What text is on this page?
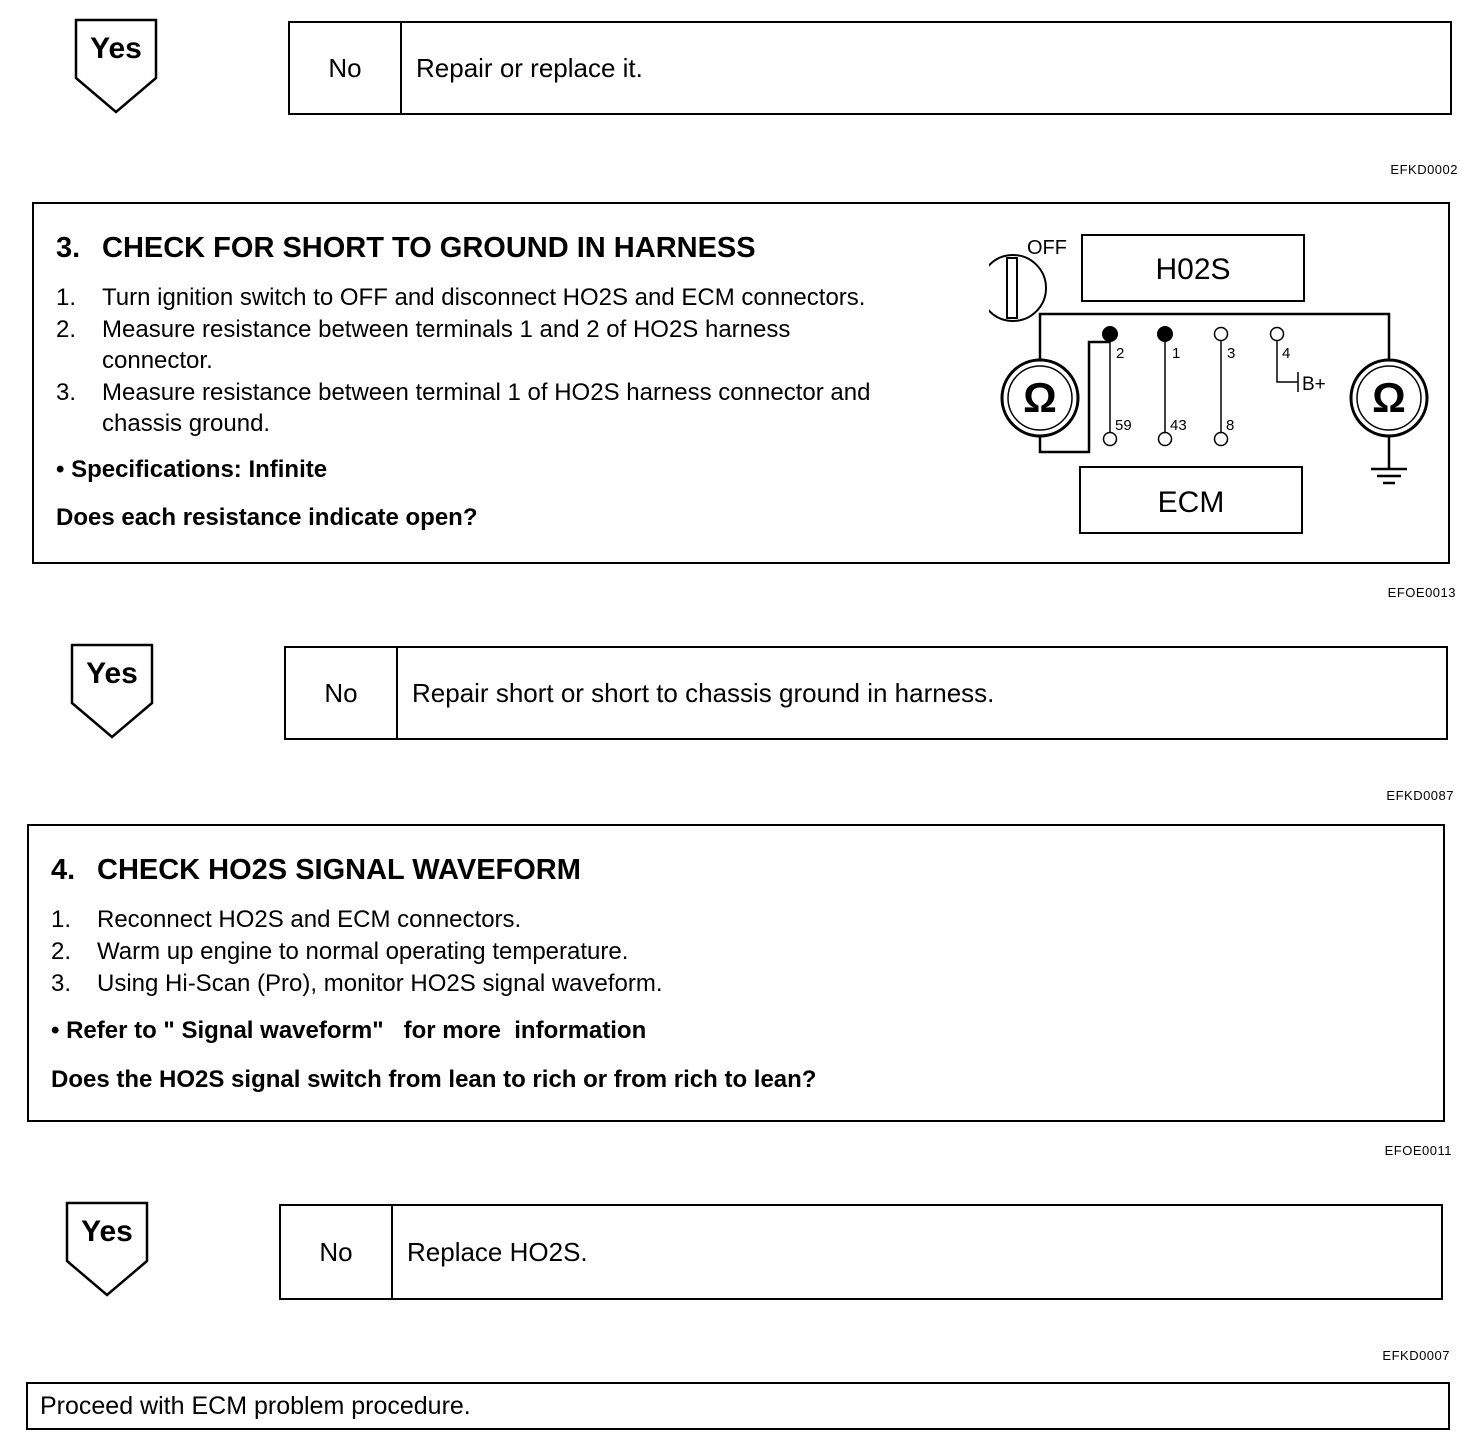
Yes
No	Repair or replace it.
EFKD0002
3. CHECK FOR SHORT TO GROUND IN HARNESS
1. Turn ignition switch to OFF and disconnect HO2S and ECM connectors.
2. Measure resistance between terminals 1 and 2 of HO2S harness
connector.
3. Measure resistance between terminal 1 of HO2S harness connector and
chassis ground.
• Specifications: Infinite
Does each resistance indicate open?
OFF
H02S
ECM
Ω	Ω
2	1	3	4
59	43	8
B+
EFOE0013
Yes
No	Repair short or short to chassis ground in harness.
EFKD0087
4. CHECK HO2S SIGNAL WAVEFORM
1. Reconnect HO2S and ECM connectors.
2. Warm up engine to normal operating temperature.
3. Using Hi-Scan (Pro), monitor HO2S signal waveform.
• Refer to " Signal waveform"   for more  information
Does the HO2S signal switch from lean to rich or from rich to lean?
EFOE0011
Yes
No	Replace HO2S.
EFKD0007
Proceed with ECM problem procedure.
